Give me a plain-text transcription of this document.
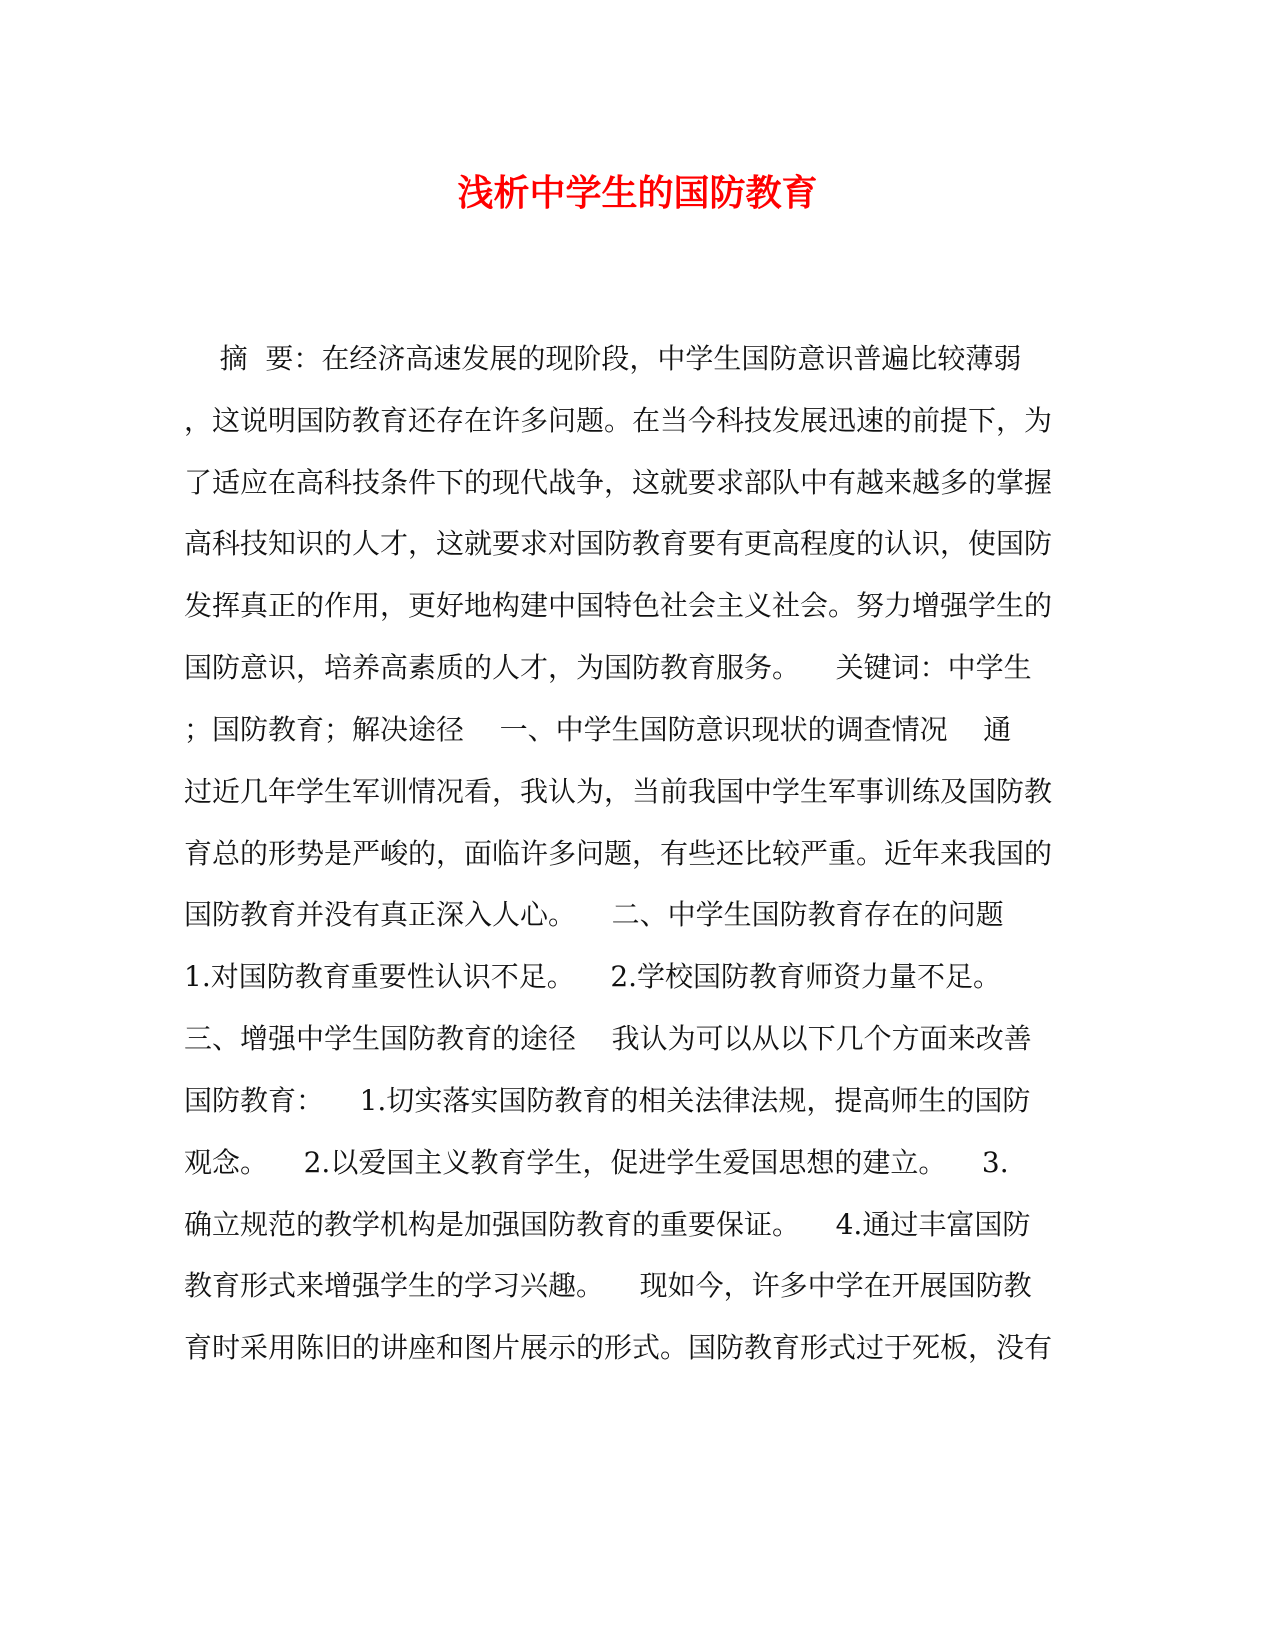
浅析中学生的国防教育

摘  要：在经济高速发展的现阶段，中学生国防意识普遍比较薄弱

，这说明国防教育还存在许多问题。在当今科技发展迅速的前提下，为

了适应在高科技条件下的现代战争，这就要求部队中有越来越多的掌握

高科技知识的人才，这就要求对国防教育要有更高程度的认识，使国防

发挥真正的作用，更好地构建中国特色社会主义社会。努力增强学生的

国防意识，培养高素质的人才，为国防教育服务。    关键词：中学生

；国防教育；解决途径    一、中学生国防意识现状的调查情况    通

过近几年学生军训情况看，我认为，当前我国中学生军事训练及国防教

育总的形势是严峻的，面临许多问题，有些还比较严重。近年来我国的

国防教育并没有真正深入人心。    二、中学生国防教育存在的问题

1.对国防教育重要性认识不足。    2.学校国防教育师资力量不足。

三、增强中学生国防教育的途径    我认为可以从以下几个方面来改善

国防教育：    1.切实落实国防教育的相关法律法规，提高师生的国防

观念。    2.以爱国主义教育学生，促进学生爱国思想的建立。    3.

确立规范的教学机构是加强国防教育的重要保证。    4.通过丰富国防

教育形式来增强学生的学习兴趣。    现如今，许多中学在开展国防教

育时采用陈旧的讲座和图片展示的形式。国防教育形式过于死板，没有
